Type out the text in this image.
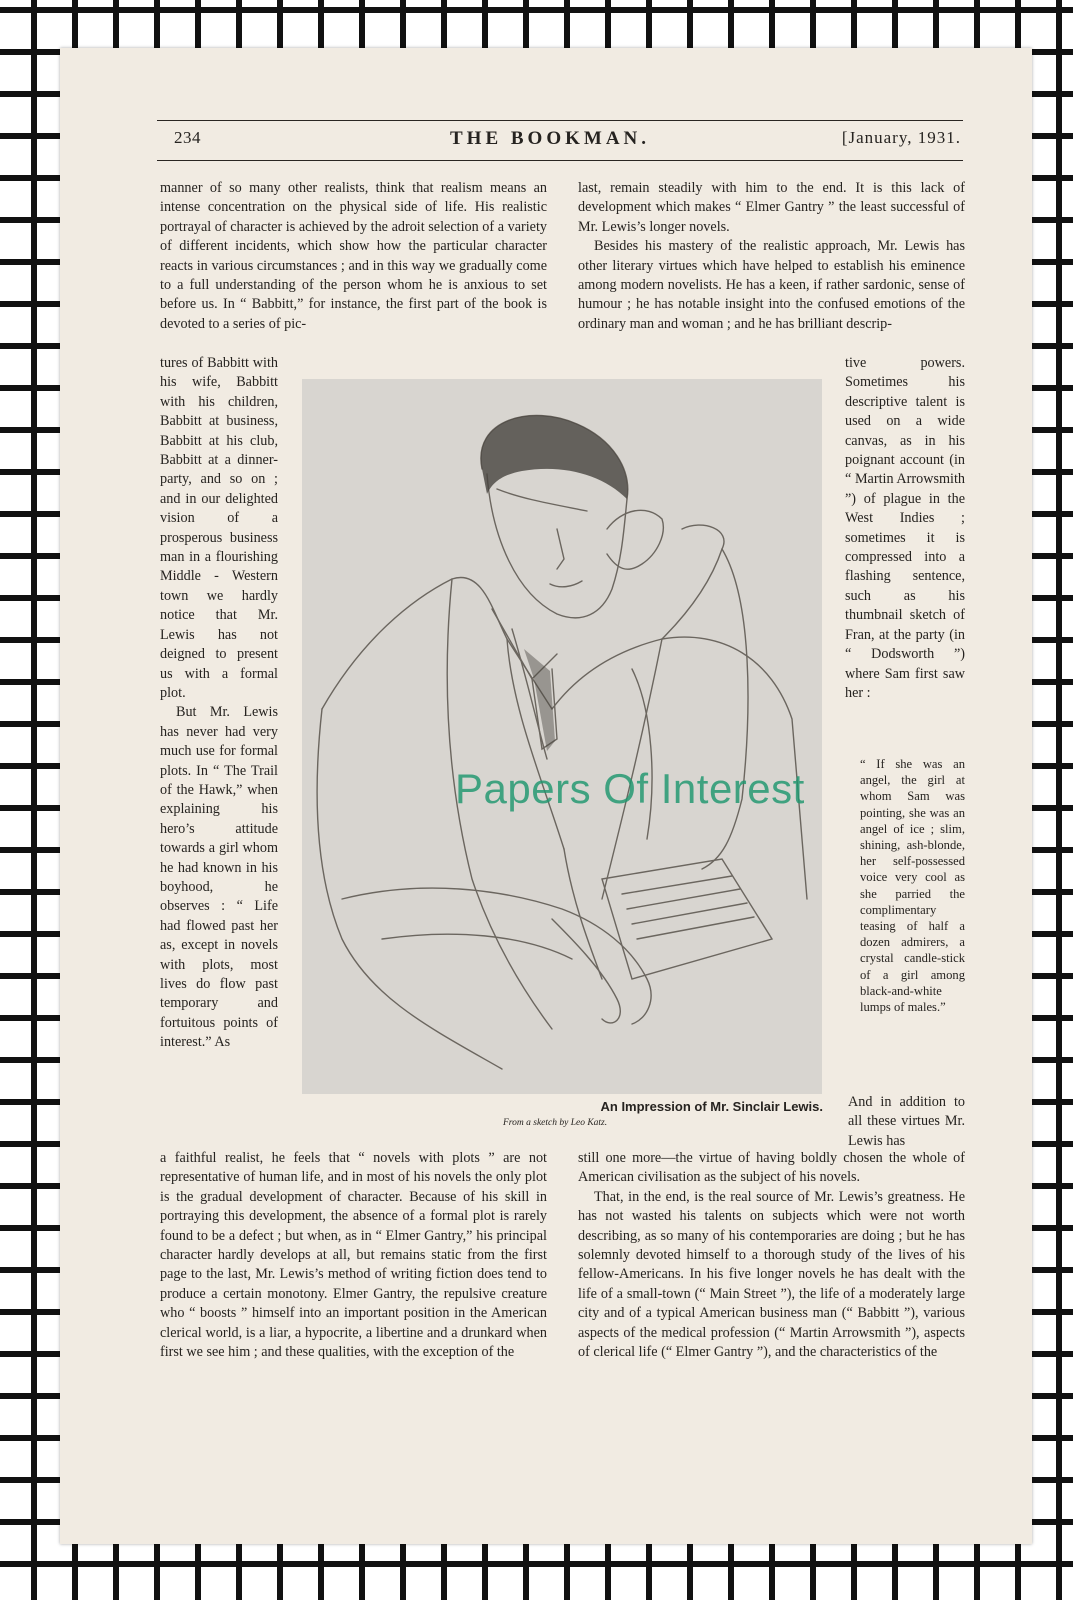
234	THE BOOKMAN.	[January, 1931.

manner of so many other realists, think that realism means an intense concentration on the physical side of life. His realistic portrayal of character is achieved by the adroit selection of a variety of different incidents, which show how the particular character reacts in various circumstances ; and in this way we gradually come to a full understanding of the person whom he is anxious to set before us. In “ Babbitt,” for instance, the first part of the book is devoted to a series of pic-

tures of Babbitt with his wife, Babbitt with his children, Babbitt at business, Babbitt at his club, Babbitt at a dinner-party, and so on ; and in our delighted vision of a prosperous business man in a flourishing Middle - Western town we hardly notice that Mr. Lewis has not deigned to present us with a formal plot.

But Mr. Lewis has never had very much use for formal plots. In “ The Trail of the Hawk,” when explaining his hero’s attitude towards a girl whom he had known in his boyhood, he observes : “ Life had flowed past her as, except in novels with plots, most lives do flow past temporary and fortuitous points of interest.” As

a faithful realist, he feels that “ novels with plots ” are not representative of human life, and in most of his novels the only plot is the gradual development of character. Because of his skill in portraying this development, the absence of a formal plot is rarely found to be a defect ; but when, as in “ Elmer Gantry,” his principal character hardly develops at all, but remains static from the first page to the last, Mr. Lewis’s method of writing fiction does tend to produce a certain monotony. Elmer Gantry, the repulsive creature who “ boosts ” himself into an important position in the American clerical world, is a liar, a hypocrite, a libertine and a drunkard when first we see him ; and these qualities, with the exception of the

last, remain steadily with him to the end. It is this lack of development which makes “ Elmer Gantry ” the least successful of Mr. Lewis’s longer novels.

Besides his mastery of the realistic approach, Mr. Lewis has other literary virtues which have helped to establish his eminence among modern novelists. He has a keen, if rather sardonic, sense of humour ; he has notable insight into the confused emotions of the ordinary man and woman ; and he has brilliant descrip-

tive powers. Sometimes his descriptive talent is used on a wide canvas, as in his poignant account (in “ Martin Arrowsmith ”) of plague in the West Indies ; sometimes it is compressed into a flashing sentence, such as his thumbnail sketch of Fran, at the party (in “ Dodsworth ”) where Sam first saw her :

“ If she was an angel, the girl at whom Sam was pointing, she was an angel of ice ; slim, shining, ash-blonde, her self-possessed voice very cool as she parried the complimentary teasing of half a dozen admirers, a crystal candle-stick of a girl among black-and-white lumps of males.”

And in addition to all these virtues Mr. Lewis has

still one more—the virtue of having boldly chosen the whole of American civilisation as the subject of his novels.

That, in the end, is the real source of Mr. Lewis’s greatness. He has not wasted his talents on subjects which were not worth describing, as so many of his contemporaries are doing ; but he has solemnly devoted himself to a thorough study of the lives of his fellow-Americans. In his five longer novels he has dealt with the life of a small-town (“ Main Street ”), the life of a moderately large city and of a typical American business man (“ Babbitt ”), various aspects of the medical profession (“ Martin Arrowsmith ”), aspects of clerical life (“ Elmer Gantry ”), and the characteristics of the

An Impression of Mr. Sinclair Lewis.
From a sketch by Leo Katz.
Papers Of Interest
